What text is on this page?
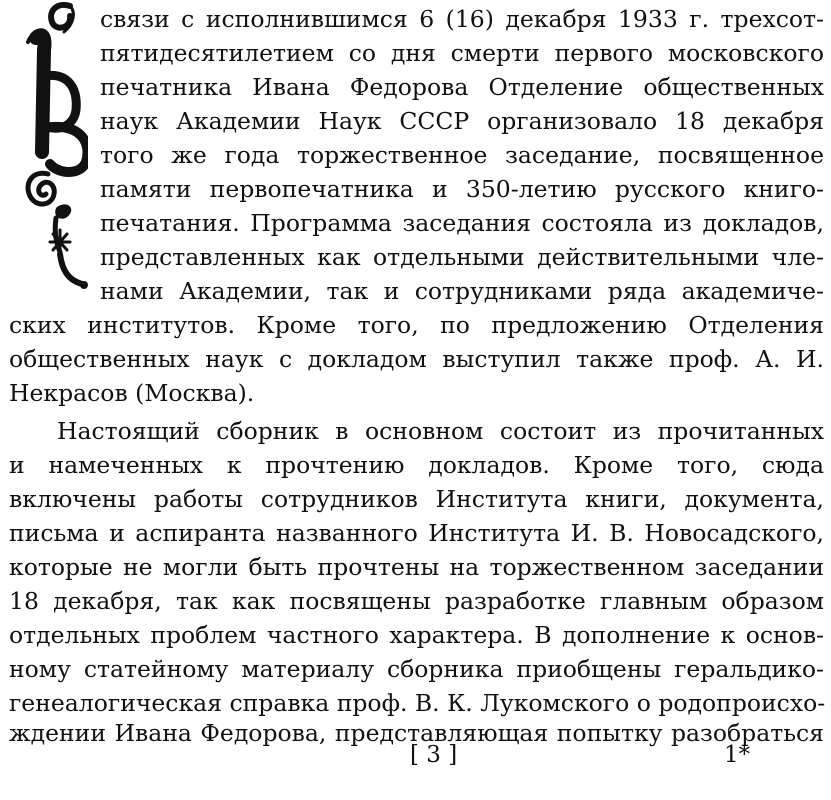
связи с исполнившимся 6 (16) декабря 1933 г. трехсот-
пятидесятилетием со дня смерти первого московского
печатника Ивана Федорова Отделение общественных
наук Академии Наук СССР организовало 18 декабря
того же года торжественное заседание, посвященное
памяти первопечатника и 350-летию русского книго-
печатания. Программа заседания состояла из докладов,
представленных как отдельными действительными чле-
нами Академии, так и сотрудниками ряда академиче-
ских институтов. Кроме того, по предложению Отделения
общественных наук с докладом выступил также проф. А. И.
Некрасов (Москва).
Настоящий сборник в основном состоит из прочитанных
и намеченных к прочтению докладов. Кроме того, сюда
включены работы сотрудников Института книги, документа,
письма и аспиранта названного Института И. В. Новосадского,
которые не могли быть прочтены на торжественном заседании
18 декабря, так как посвящены разработке главным образом
отдельных проблем частного характера. В дополнение к основ-
ному статейному материалу сборника приобщены геральдико-
генеалогическая справка проф. В. К. Лукомского о родопроисхо-
ждении Ивана Федорова, представляющая попытку разобраться
[ 3 ]	1*
